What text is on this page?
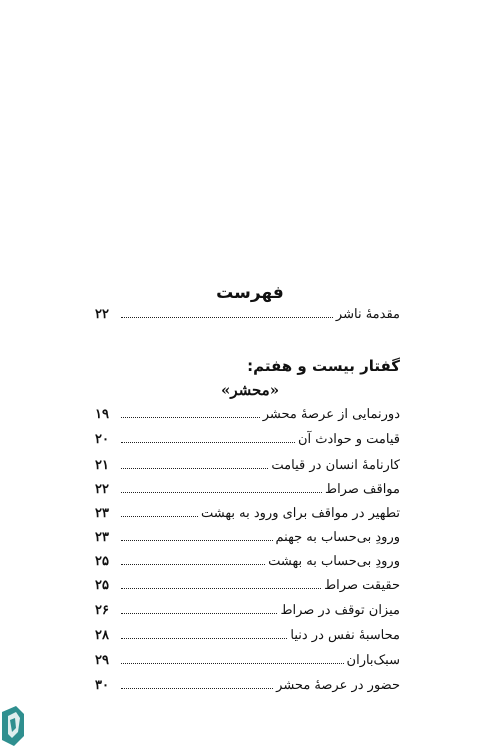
فهرست
مقدمهٔ ناشر
۲۲
گفتار بیست و هفتم:
«محشر»
دورنمایی از عرصهٔ محشر
۱۹
قیامت و حوادث آن
۲۰
کارنامهٔ انسان در قیامت
۲۱
مواقف صراط
۲۲
تطهیر در مواقف برای ورود به بهشت
۲۳
ورودِ بی‌حساب به جهنم
۲۳
ورودِ بی‌حساب به بهشت
۲۵
حقیقت صراط
۲۵
میزان توقف در صراط
۲۶
محاسبهٔ نفس در دنیا
۲۸
سبک‌باران
۲۹
حضور در عرصهٔ محشر
۳۰
